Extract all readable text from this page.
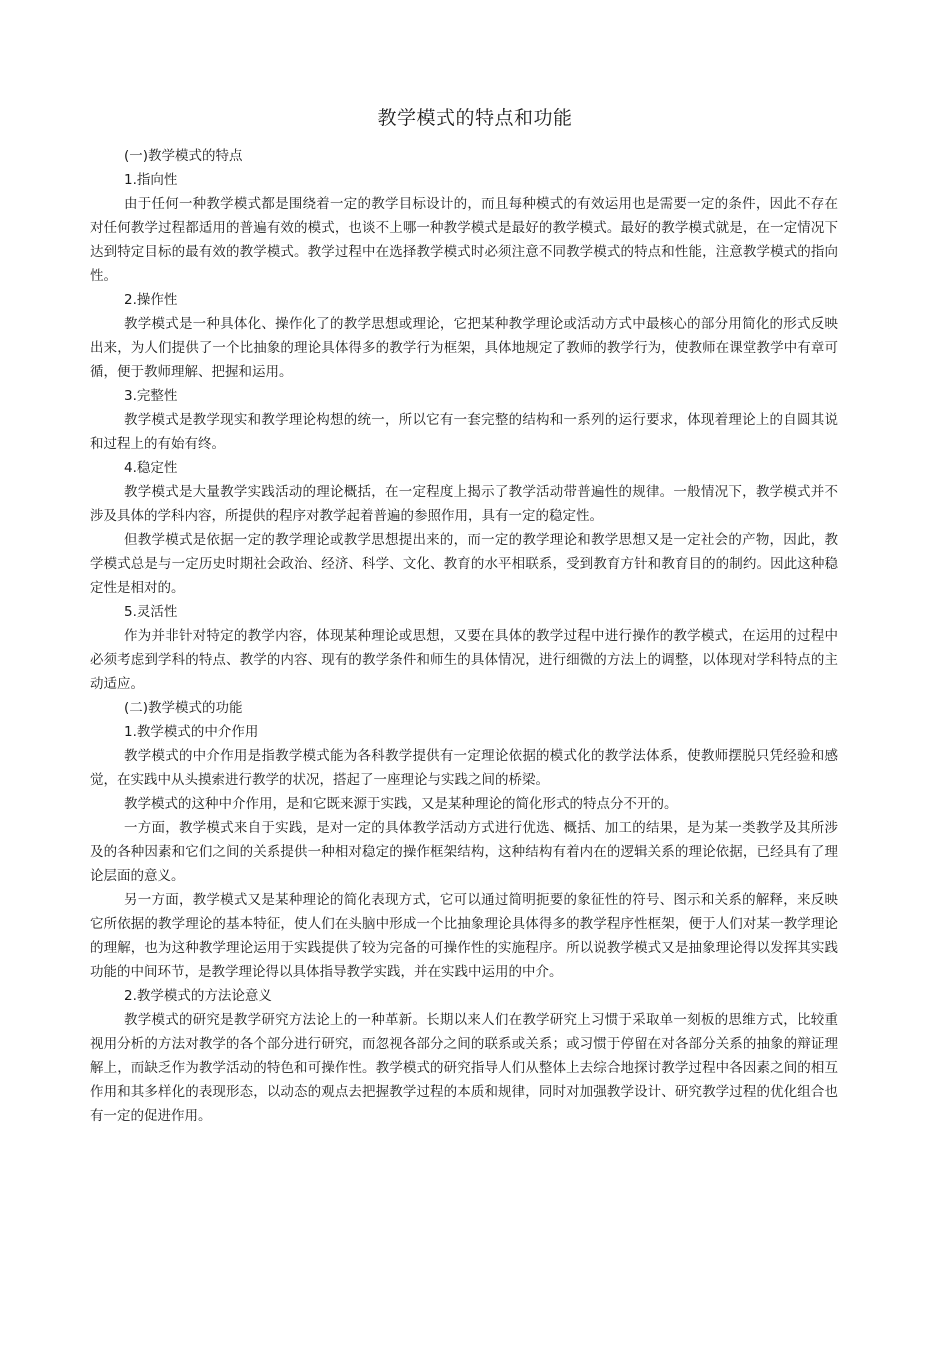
教学模式的特点和功能

(一)教学模式的特点

1.指向性

由于任何一种教学模式都是围绕着一定的教学目标设计的，而且每种模式的有效运用也是需要一定的条件，因此不存在对任何教学过程都适用的普遍有效的模式，也谈不上哪一种教学模式是最好的教学模式。最好的教学模式就是，在一定情况下达到特定目标的最有效的教学模式。教学过程中在选择教学模式时必须注意不同教学模式的特点和性能，注意教学模式的指向性。

2.操作性

教学模式是一种具体化、操作化了的教学思想或理论，它把某种教学理论或活动方式中最核心的部分用简化的形式反映出来，为人们提供了一个比抽象的理论具体得多的教学行为框架，具体地规定了教师的教学行为，使教师在课堂教学中有章可循，便于教师理解、把握和运用。

3.完整性

教学模式是教学现实和教学理论构想的统一，所以它有一套完整的结构和一系列的运行要求，体现着理论上的自圆其说和过程上的有始有终。

4.稳定性

教学模式是大量教学实践活动的理论概括，在一定程度上揭示了教学活动带普遍性的规律。一般情况下，教学模式并不涉及具体的学科内容，所提供的程序对教学起着普遍的参照作用，具有一定的稳定性。

但教学模式是依据一定的教学理论或教学思想提出来的，而一定的教学理论和教学思想又是一定社会的产物，因此，教学模式总是与一定历史时期社会政治、经济、科学、文化、教育的水平相联系，受到教育方针和教育目的的制约。因此这种稳定性是相对的。

5.灵活性

作为并非针对特定的教学内容，体现某种理论或思想，又要在具体的教学过程中进行操作的教学模式，在运用的过程中必须考虑到学科的特点、教学的内容、现有的教学条件和师生的具体情况，进行细微的方法上的调整，以体现对学科特点的主动适应。

(二)教学模式的功能

1.教学模式的中介作用

教学模式的中介作用是指教学模式能为各科教学提供有一定理论依据的模式化的教学法体系，使教师摆脱只凭经验和感觉，在实践中从头摸索进行教学的状况，搭起了一座理论与实践之间的桥梁。

教学模式的这种中介作用，是和它既来源于实践，又是某种理论的简化形式的特点分不开的。

一方面，教学模式来自于实践，是对一定的具体教学活动方式进行优选、概括、加工的结果，是为某一类教学及其所涉及的各种因素和它们之间的关系提供一种相对稳定的操作框架结构，这种结构有着内在的逻辑关系的理论依据，已经具有了理论层面的意义。

另一方面，教学模式又是某种理论的简化表现方式，它可以通过简明扼要的象征性的符号、图示和关系的解释，来反映它所依据的教学理论的基本特征，使人们在头脑中形成一个比抽象理论具体得多的教学程序性框架，便于人们对某一教学理论的理解，也为这种教学理论运用于实践提供了较为完备的可操作性的实施程序。所以说教学模式又是抽象理论得以发挥其实践功能的中间环节，是教学理论得以具体指导教学实践，并在实践中运用的中介。

2.教学模式的方法论意义

教学模式的研究是教学研究方法论上的一种革新。长期以来人们在教学研究上习惯于采取单一刻板的思维方式，比较重视用分析的方法对教学的各个部分进行研究，而忽视各部分之间的联系或关系；或习惯于停留在对各部分关系的抽象的辩证理解上，而缺乏作为教学活动的特色和可操作性。教学模式的研究指导人们从整体上去综合地探讨教学过程中各因素之间的相互作用和其多样化的表现形态，以动态的观点去把握教学过程的本质和规律，同时对加强教学设计、研究教学过程的优化组合也有一定的促进作用。
